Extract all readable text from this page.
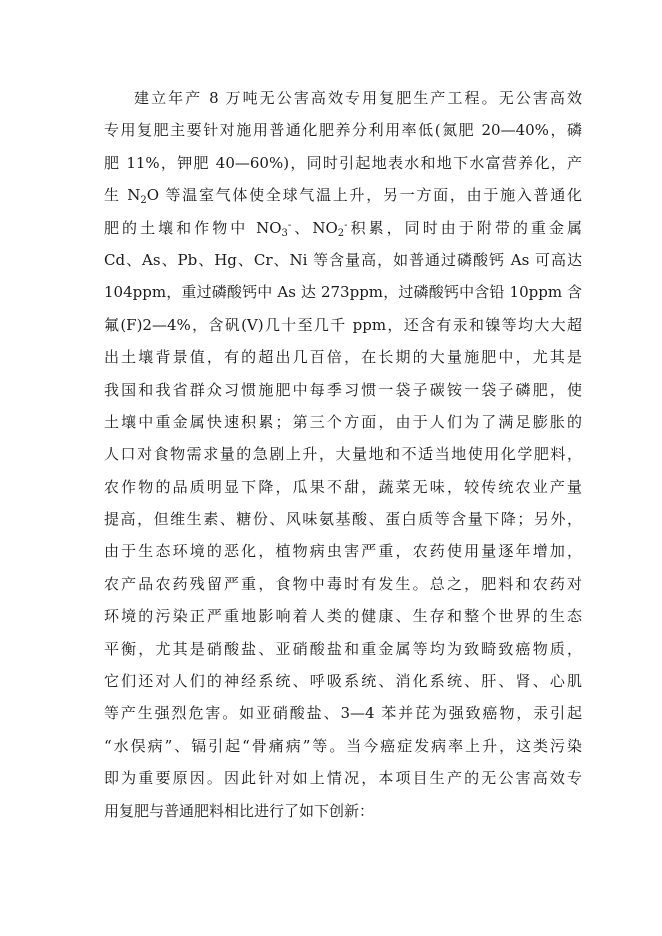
建立年产 8 万吨无公害高效专用复肥生产工程。无公害高效
专用复肥主要针对施用普通化肥养分利用率低(氮肥 20—40%，磷
肥 11%，钾肥 40—60%)，同时引起地表水和地下水富营养化，产
生 $N_2O$ 等温室气体使全球气温上升，另一方面，由于施入普通化
肥的土壤和作物中 $NO_3^-$、$NO_2^-$积累，同时由于附带的重金属
Cd、As、Pb、Hg、Cr、Ni 等含量高，如普通过磷酸钙 As 可高达
104ppm，重过磷酸钙中 As 达 273ppm，过磷酸钙中含铅 10ppm 含
氟(F)2—4%，含矾(V)几十至几千 ppm，还含有汞和镍等均大大超
出土壤背景值，有的超出几百倍，在长期的大量施肥中，尤其是
我国和我省群众习惯施肥中每季习惯一袋子碳铵一袋子磷肥，使
土壤中重金属快速积累；第三个方面，由于人们为了满足膨胀的
人口对食物需求量的急剧上升，大量地和不适当地使用化学肥料，
农作物的品质明显下降，瓜果不甜，蔬菜无味，较传统农业产量
提高，但维生素、糖份、风味氨基酸、蛋白质等含量下降；另外，
由于生态环境的恶化，植物病虫害严重，农药使用量逐年增加，
农产品农药残留严重，食物中毒时有发生。总之，肥料和农药对
环境的污染正严重地影响着人类的健康、生存和整个世界的生态
平衡，尤其是硝酸盐、亚硝酸盐和重金属等均为致畸致癌物质，
它们还对人们的神经系统、呼吸系统、消化系统、肝、肾、心肌
等产生强烈危害。如亚硝酸盐、3—4 苯并芘为强致癌物，汞引起
“水俣病”、镉引起“骨痛病”等。当今癌症发病率上升，这类污染
即为重要原因。因此针对如上情况，本项目生产的无公害高效专
用复肥与普通肥料相比进行了如下创新：
